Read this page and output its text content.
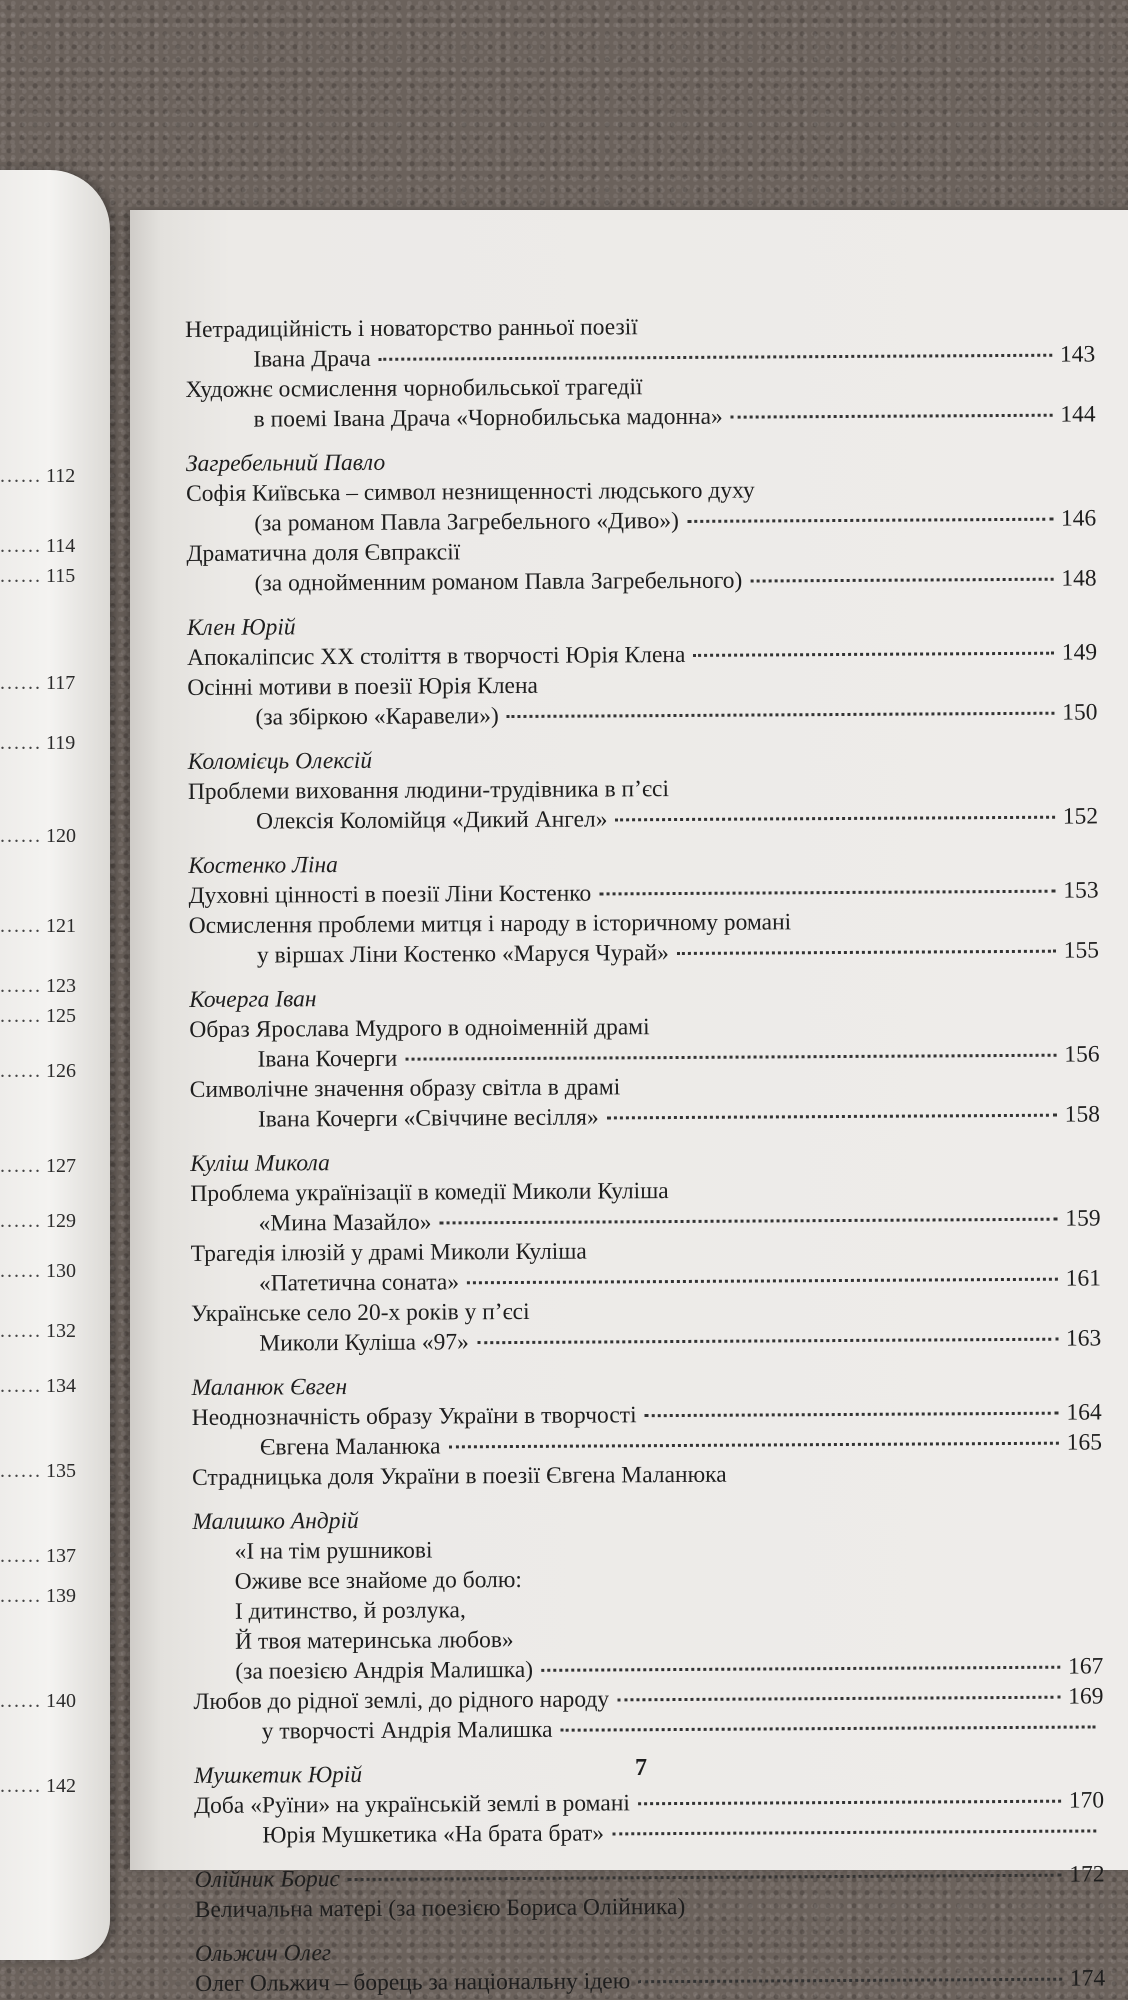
...... 112
...... 114
...... 115
...... 117
...... 119
...... 120
...... 121
...... 123
...... 125
...... 126
...... 127
...... 129
...... 130
...... 132
...... 134
...... 135
...... 137
...... 139
...... 140
...... 142
Нетрадиційність і новаторство ранньої поезії
Івана Драча	143
Художнє осмислення чорнобильської трагедії
в поемі Івана Драча «Чорнобильська мадонна»	144
Загребельний Павло
Софія Київська – символ незнищенності людського духу
(за романом Павла Загребельного «Диво»)	146
Драматична доля Євпраксії
(за однойменним романом Павла Загребельного)	148
Клен Юрій
Апокаліпсис XX століття в творчості Юрія Клена	149
Осінні мотиви в поезії Юрія Клена
(за збіркою «Каравели»)	150
Коломієць Олексій
Проблеми виховання людини-трудівника в п’єсі
Олексія Коломійця «Дикий Ангел»	152
Костенко Ліна
Духовні цінності в поезії Ліни Костенко	153
Осмислення проблеми митця і народу в історичному романі
у віршах Ліни Костенко «Маруся Чурай»	155
Кочерга Іван
Образ Ярослава Мудрого в одноіменній драмі
Івана Кочерги	156
Символічне значення образу світла в драмі
Івана Кочерги «Свіччине весілля»	158
Куліш Микола
Проблема українізації в комедії Миколи Куліша
«Мина Мазайло»	159
Трагедія ілюзій у драмі Миколи Куліша
«Патетична соната»	161
Українське село 20-х років у п’єсі
Миколи Куліша «97»	163
Маланюк Євген
Неоднозначність образу України в творчості	164
Євгена Маланюка	165
Страдницька доля України в поезії Євгена Маланюка
Малишко Андрій
«І на тім рушникові
Оживе все знайоме до болю:
І дитинство, й розлука,
Й твоя материнська любов»
(за поезією Андрія Малишка)	167
Любов до рідної землі, до рідного народу	169
у творчості Андрія Малишка
Мушкетик Юрій
Доба «Руїни» на українській землі в романі	170
Юрія Мушкетика «На брата брат»
Олійник Борис	172
Величальна матері (за поезією Бориса Олійника)
Ольжич Олег
Олег Ольжич – борець за національну ідею	174
7
